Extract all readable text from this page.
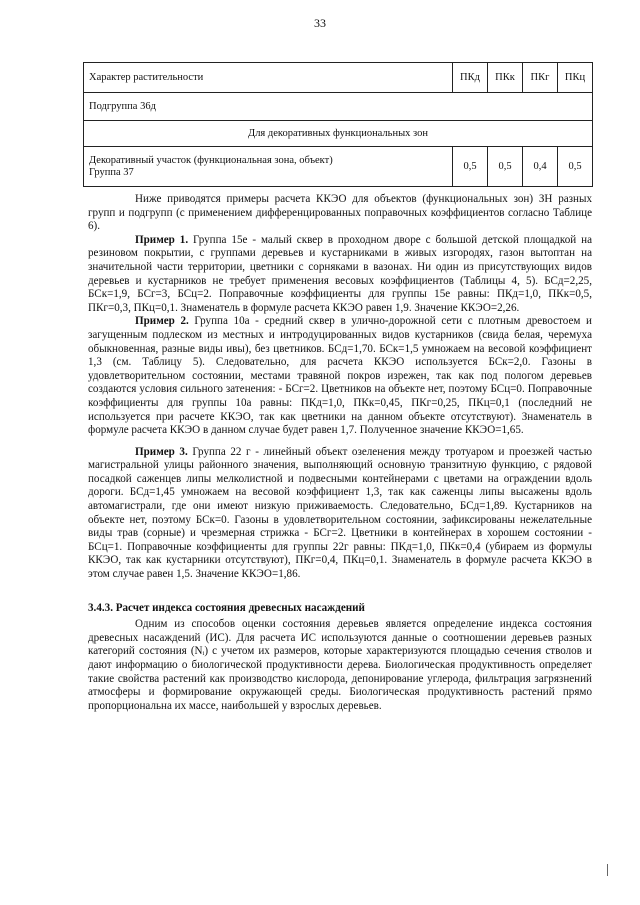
33
Характер растительности	ПКд	ПКк	ПКг	ПКц
Подгруппа 36д				
Для декоративных функциональных зон				

Декоративный участок (функциональная зона, объект)
Группа 37	0,5	0,5	0,4	0,5

Ниже приводятся примеры расчета ККЭО для объектов (функциональных зон) ЗН разных групп и подгрупп (с применением дифференцированных поправочных коэффициентов согласно Таблице 6).

Пример 1. Группа 15е - малый сквер в проходном дворе с большой детской площадкой на резиновом покрытии, с группами деревьев и кустарниками в живых изгородях, газон вытоптан на значительной части территории, цветники с сорняками в вазонах. Ни один из присутствующих видов деревьев и кустарников не требует применения весовых коэффициентов (Таблицы 4, 5). БСд=2,25, БСк=1,9, БСг=3, БСц=2. Поправочные коэффициенты для группы 15е равны: ПКд=1,0, ПКк=0,5, ПКг=0,3, ПКц=0,1. Знаменатель в формуле расчета ККЭО равен 1,9. Значение ККЭО=2,26.

Пример 2. Группа 10а - средний сквер в улично-дорожной сети с плотным древостоем и загущенным подлеском из местных и интродуцированных видов кустарников (свида белая, черемуха обыкновенная, разные виды ивы), без цветников. БСд=1,70. БСк=1,5 умножаем на весовой коэффициент 1,3 (см. Таблицу 5). Следовательно, для расчета ККЭО используется БСк=2,0. Газоны в удовлетворительном состоянии, местами травяной покров изрежен, так как под пологом деревьев создаются условия сильного затенения: - БСг=2. Цветников на объекте нет, поэтому БСц=0. Поправочные коэффициенты для группы 10а равны: ПКд=1,0, ПКк=0,45, ПКг=0,25, ПКц=0,1 (последний не используется при расчете ККЭО, так как цветники на данном объекте отсутствуют). Знаменатель в формуле расчета ККЭО в данном случае будет равен 1,7. Полученное значение ККЭО=1,65.

Пример 3. Группа 22 г - линейный объект озеленения между тротуаром и проезжей частью магистральной улицы районного значения, выполняющий основную транзитную функцию, с рядовой посадкой саженцев липы мелколистной и подвесными контейнерами с цветами на ограждении вдоль дороги. БСд=1,45 умножаем на весовой коэффициент 1,3, так как саженцы липы высажены вдоль автомагистрали, где они имеют низкую приживаемость. Следовательно, БСд=1,89. Кустарников на объекте нет, поэтому БСк=0. Газоны в удовлетворительном состоянии, зафиксированы нежелательные виды трав (сорные) и чрезмерная стрижка - БСг=2. Цветники в контейнерах в хорошем состоянии - БСц=1. Поправочные коэффициенты для группы 22г равны: ПКд=1,0, ПКк=0,4 (убираем из формулы ККЭО, так как кустарники отсутствуют), ПКг=0,4, ПКц=0,1. Знаменатель в формуле расчета ККЭО в этом случае равен 1,5. Значение ККЭО=1,86.

3.4.3. Расчет индекса состояния древесных насаждений

Одним из способов оценки состояния деревьев является определение индекса состояния древесных насаждений (ИС). Для расчета ИС используются данные о соотношении деревьев разных категорий состояния (Nᵢ) с учетом их размеров, которые характеризуются площадью сечения стволов и дают информацию о биологической продуктивности дерева. Биологическая продуктивность определяет такие свойства растений как производство кислорода, депонирование углерода, фильтрация загрязнений атмосферы и формирование окружающей среды. Биологическая продуктивность растений прямо пропорциональна их массе, наибольшей у взрослых деревьев.
